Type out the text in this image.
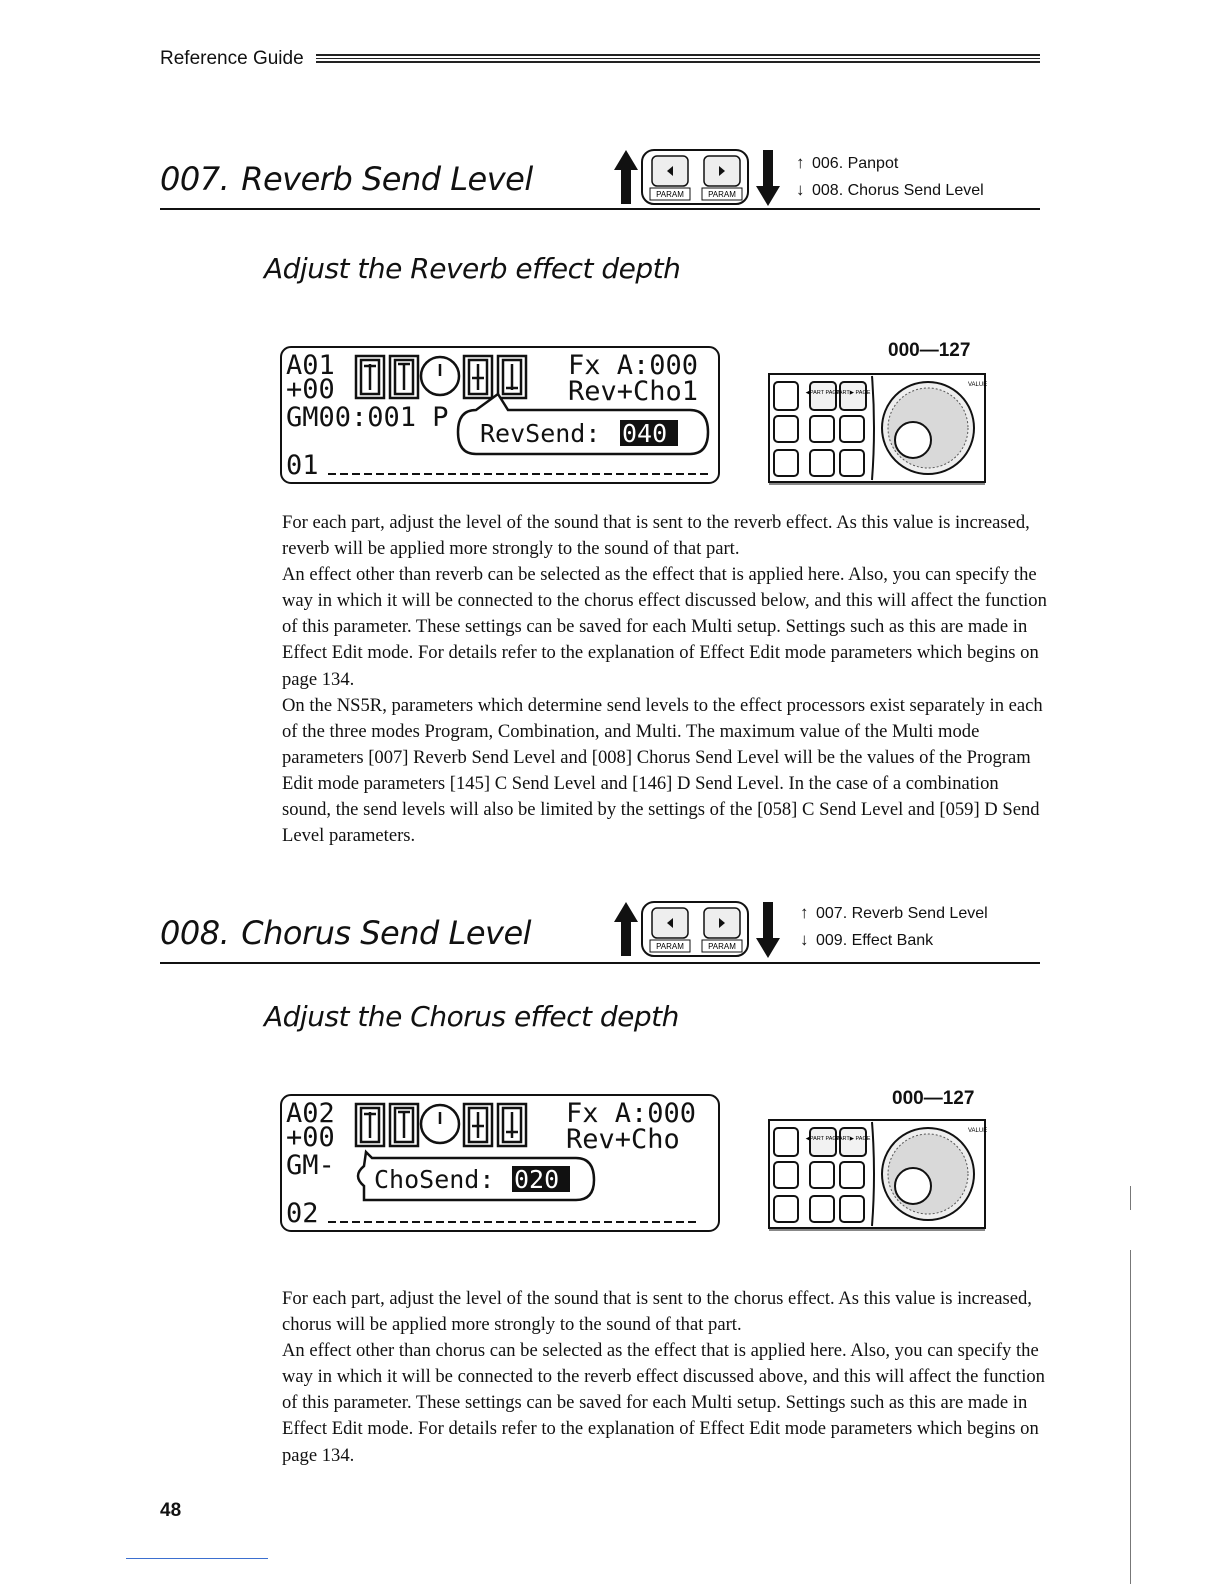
Reference Guide
007. Reverb Send Level	PARAM	PARAM
↑ 006. Panpot
↓ 008. Chorus Send Level
Adjust the Reverb effect depth
A01
+00
GM00:001 P
01
Fx A:000
Rev+Cho1
RevSend: 040
000—127
◀PART PAGE
PART▶ PAGE
VALUE

For each part, adjust the level of the sound that is sent to the reverb effect. As this value is increased, reverb will be applied more strongly to the sound of that part.

An effect other than reverb can be selected as the effect that is applied here. Also, you can specify the way in which it will be connected to the chorus effect discussed below, and this will affect the function of this parameter. These settings can be saved for each Multi setup. Settings such as this are made in Effect Edit mode. For details refer to the explanation of Effect Edit mode parameters which begins on page 134.

On the NS5R, parameters which determine send levels to the effect processors exist separately in each of the three modes Program, Combination, and Multi. The maximum value of the Multi mode parameters [007] Reverb Send Level and [008] Chorus Send Level will be the values of the Program Edit mode parameters [145] C Send Level and [146] D Send Level. In the case of a combination sound, the send levels will also be limited by the settings of the [058] C Send Level and [059] D Send Level parameters.

008. Chorus Send Level	PARAM	PARAM
↑ 007. Reverb Send Level
↓ 009. Effect Bank
Adjust the Chorus effect depth
A02
+00
GM-
02
Fx A:000
Rev+Cho
ChoSend: 020
000—127
◀PART PAGE
PART▶ PAGE
VALUE

For each part, adjust the level of the sound that is sent to the chorus effect. As this value is increased, chorus will be applied more strongly to the sound of that part.

An effect other than chorus can be selected as the effect that is applied here. Also, you can specify the way in which it will be connected to the reverb effect discussed above, and this will affect the function of this parameter. These settings can be saved for each Multi setup. Settings such as this are made in Effect Edit mode. For details refer to the explanation of Effect Edit mode parameters which begins on page 134.

48
